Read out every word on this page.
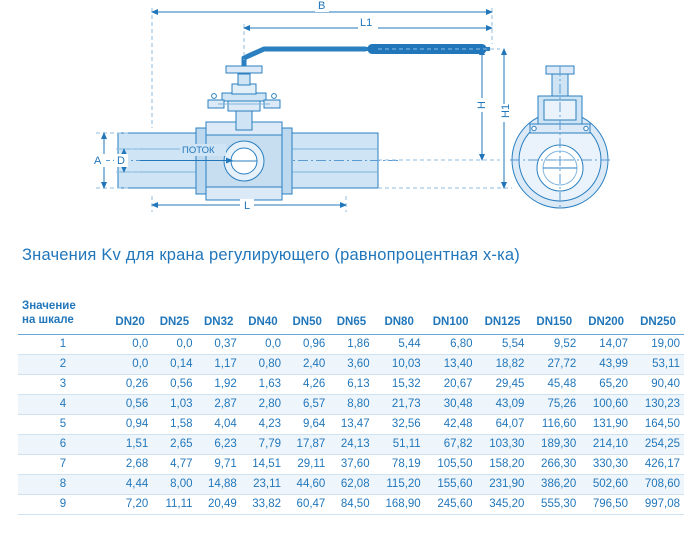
B
L1
L
A D
H H1
ПОТОК
Значения Kv для крана регулирующего (равнопроцентная х-ка)
Значение
на шкале	DN20	DN25	DN32	DN40	DN50	DN65	DN80	DN100	DN125	DN150	DN200	DN250
1	0,0	0,0	0,37	0,0	0,96	1,86	5,44	6,80	5,54	9,52	14,07	19,00
2	0,0	0,14	1,17	0,80	2,40	3,60	10,03	13,40	18,82	27,72	43,99	53,11
3	0,26	0,56	1,92	1,63	4,26	6,13	15,32	20,67	29,45	45,48	65,20	90,40
4	0,56	1,03	2,87	2,80	6,57	8,80	21,73	30,48	43,09	75,26	100,60	130,23
5	0,94	1,58	4,04	4,23	9,64	13,47	32,56	42,48	64,07	116,60	131,90	164,50
6	1,51	2,65	6,23	7,79	17,87	24,13	51,11	67,82	103,30	189,30	214,10	254,25
7	2,68	4,77	9,71	14,51	29,11	37,60	78,19	105,50	158,20	266,30	330,30	426,17
8	4,44	8,00	14,88	23,11	44,60	62,08	115,20	155,60	231,90	386,20	502,60	708,60
9	7,20	11,11	20,49	33,82	60,47	84,50	168,90	245,60	345,20	555,30	796,50	997,08
